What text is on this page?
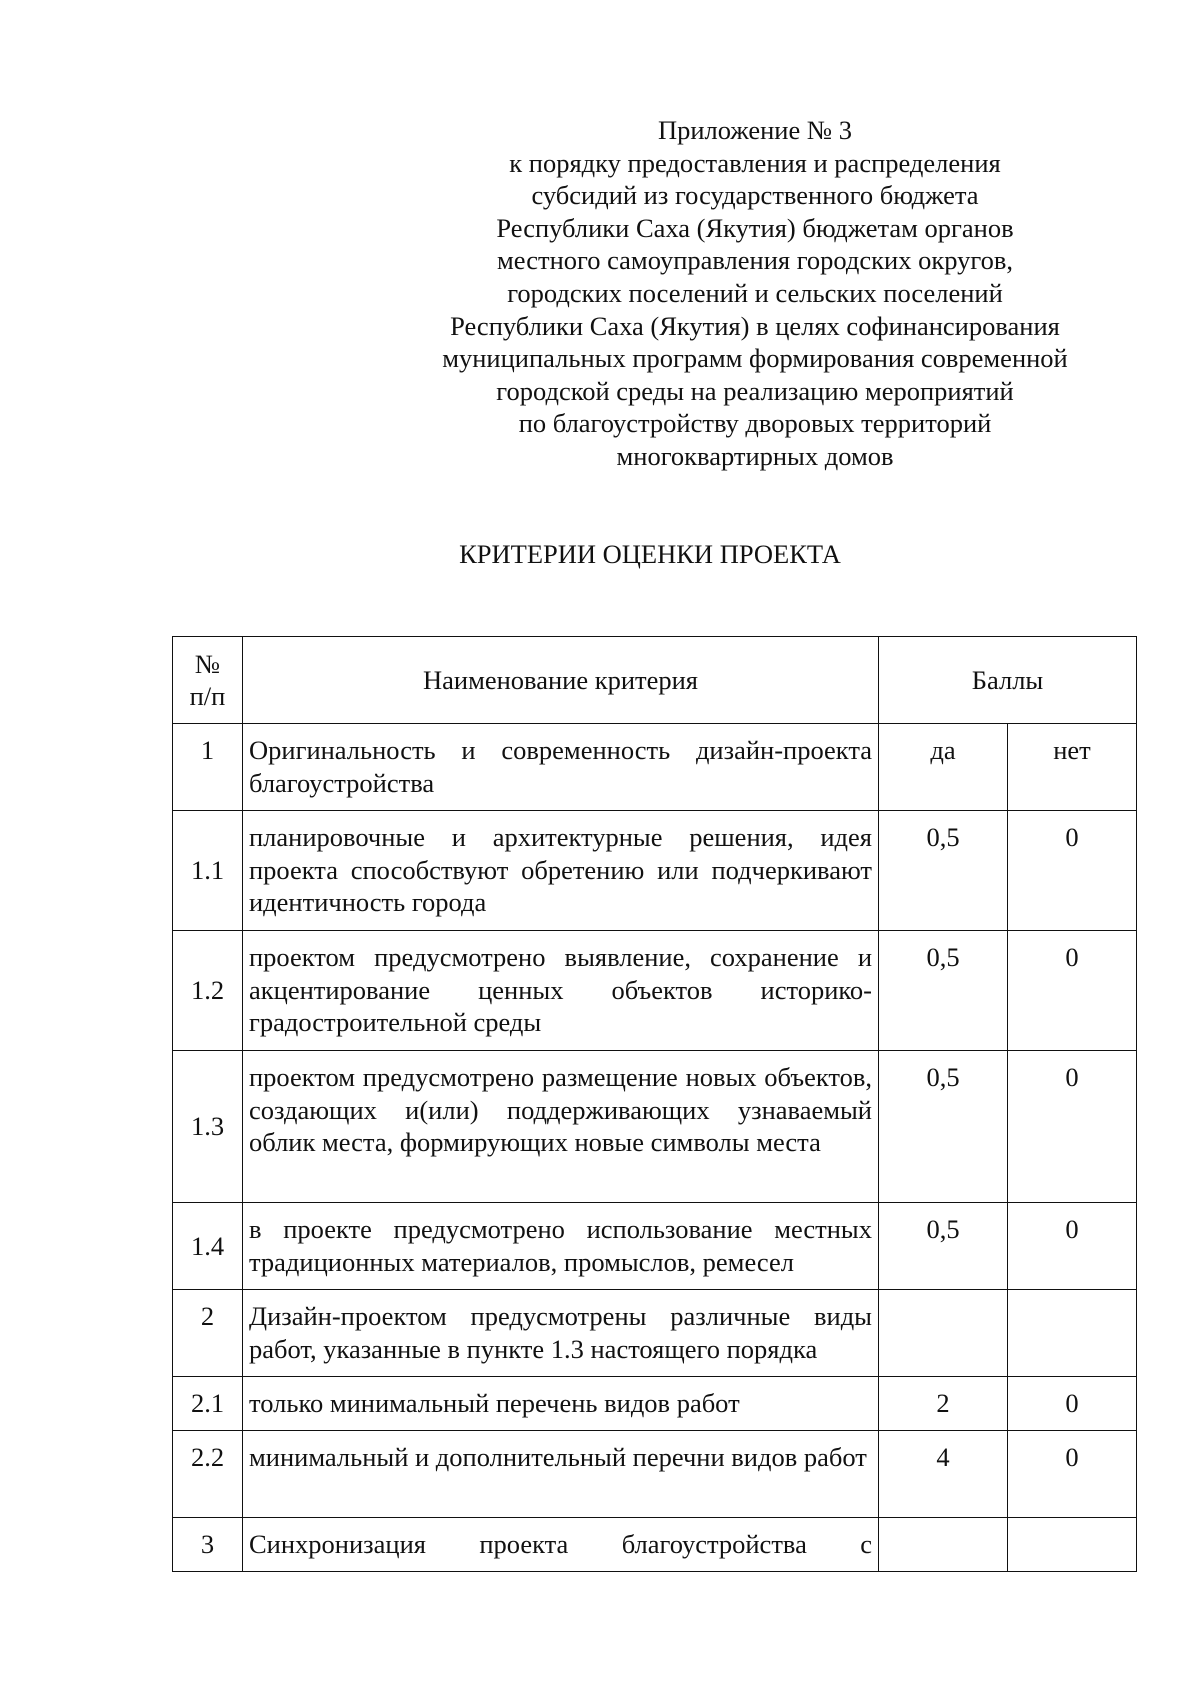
Приложение № 3
к порядку предоставления и распределения
субсидий из государственного бюджета
Республики Саха (Якутия) бюджетам органов
местного самоуправления городских округов,
городских поселений и сельских поселений
Республики Саха (Якутия) в целях софинансирования
муниципальных программ формирования современной
городской среды на реализацию мероприятий
по благоустройству дворовых территорий
многоквартирных домов
КРИТЕРИИ ОЦЕНКИ ПРОЕКТА
№
п/п	Наименование критерия	Баллы	
1	Оригинальность и современность дизайн-проекта благоустройства	да	нет
1.1	планировочные и архитектурные решения, идея проекта способствуют обретению или подчеркивают идентичность города	0,5	0
1.2	проектом предусмотрено выявление, сохранение и акцентирование ценных объектов историко-градостроительной среды	0,5	0
1.3	проектом предусмотрено размещение новых объектов, создающих и(или) поддерживающих узнаваемый облик места, формирующих новые символы места	0,5	0
1.4	в проекте предусмотрено использование местных традиционных материалов, промыслов, ремесел	0,5	0
2	Дизайн-проектом предусмотрены различные виды работ, указанные в пункте 1.3 настоящего порядка		
2.1	только минимальный перечень видов работ	2	0
2.2	минимальный и дополнительный перечни видов работ	4	0
3	Синхронизация проекта благоустройства с		
